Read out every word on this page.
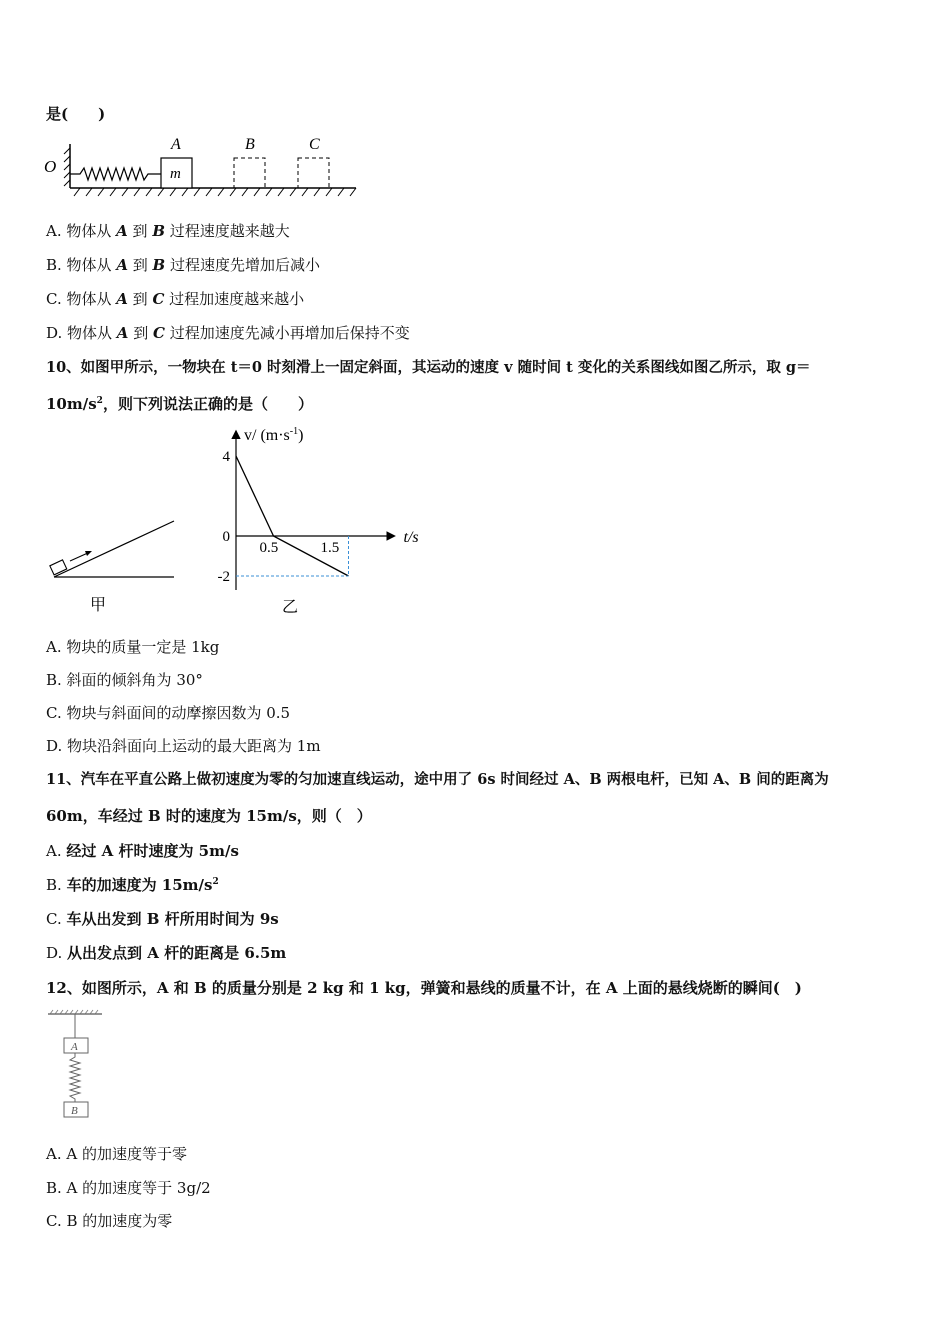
是(　　)
O	m
A	B	C
A. 物体从 A 到 B 过程速度越来越大
B. 物体从 A 到 B 过程速度先增加后减小
C. 物体从 A 到 C 过程加速度越来越小
D. 物体从 A 到 C 过程加速度先减小再增加后保持不变
10、如图甲所示，一物块在 t＝0 时刻滑上一固定斜面，其运动的速度 v 随时间 t 变化的关系图线如图乙所示，取 g＝
$10m/s^2$，则下列说法正确的是（　　）
甲
v/ $(m\cdot s^{-1})$
t/s
4
0
-2
0.5	1.5
乙
A. 物块的质量一定是 1kg
B. 斜面的倾斜角为 30°
C. 物块与斜面间的动摩擦因数为 0.5
D. 物块沿斜面向上运动的最大距离为 1m
11、汽车在平直公路上做初速度为零的匀加速直线运动，途中用了 6s 时间经过 A、B 两根电杆，已知 A、B 间的距离为
60m，车经过 B 时的速度为 15m/s，则（　）
A. 经过 A 杆时速度为 5m/s
B. 车的加速度为 $15m/s^2$
C. 车从出发到 B 杆所用时间为 9s
D. 从出发点到 A 杆的距离是 6.5m
12、如图所示，A 和 B 的质量分别是 2 kg 和 1 kg，弹簧和悬线的质量不计，在 A 上面的悬线烧断的瞬间(　)
A
B
A. A 的加速度等于零
B. A 的加速度等于 3g/2
C. B 的加速度为零
